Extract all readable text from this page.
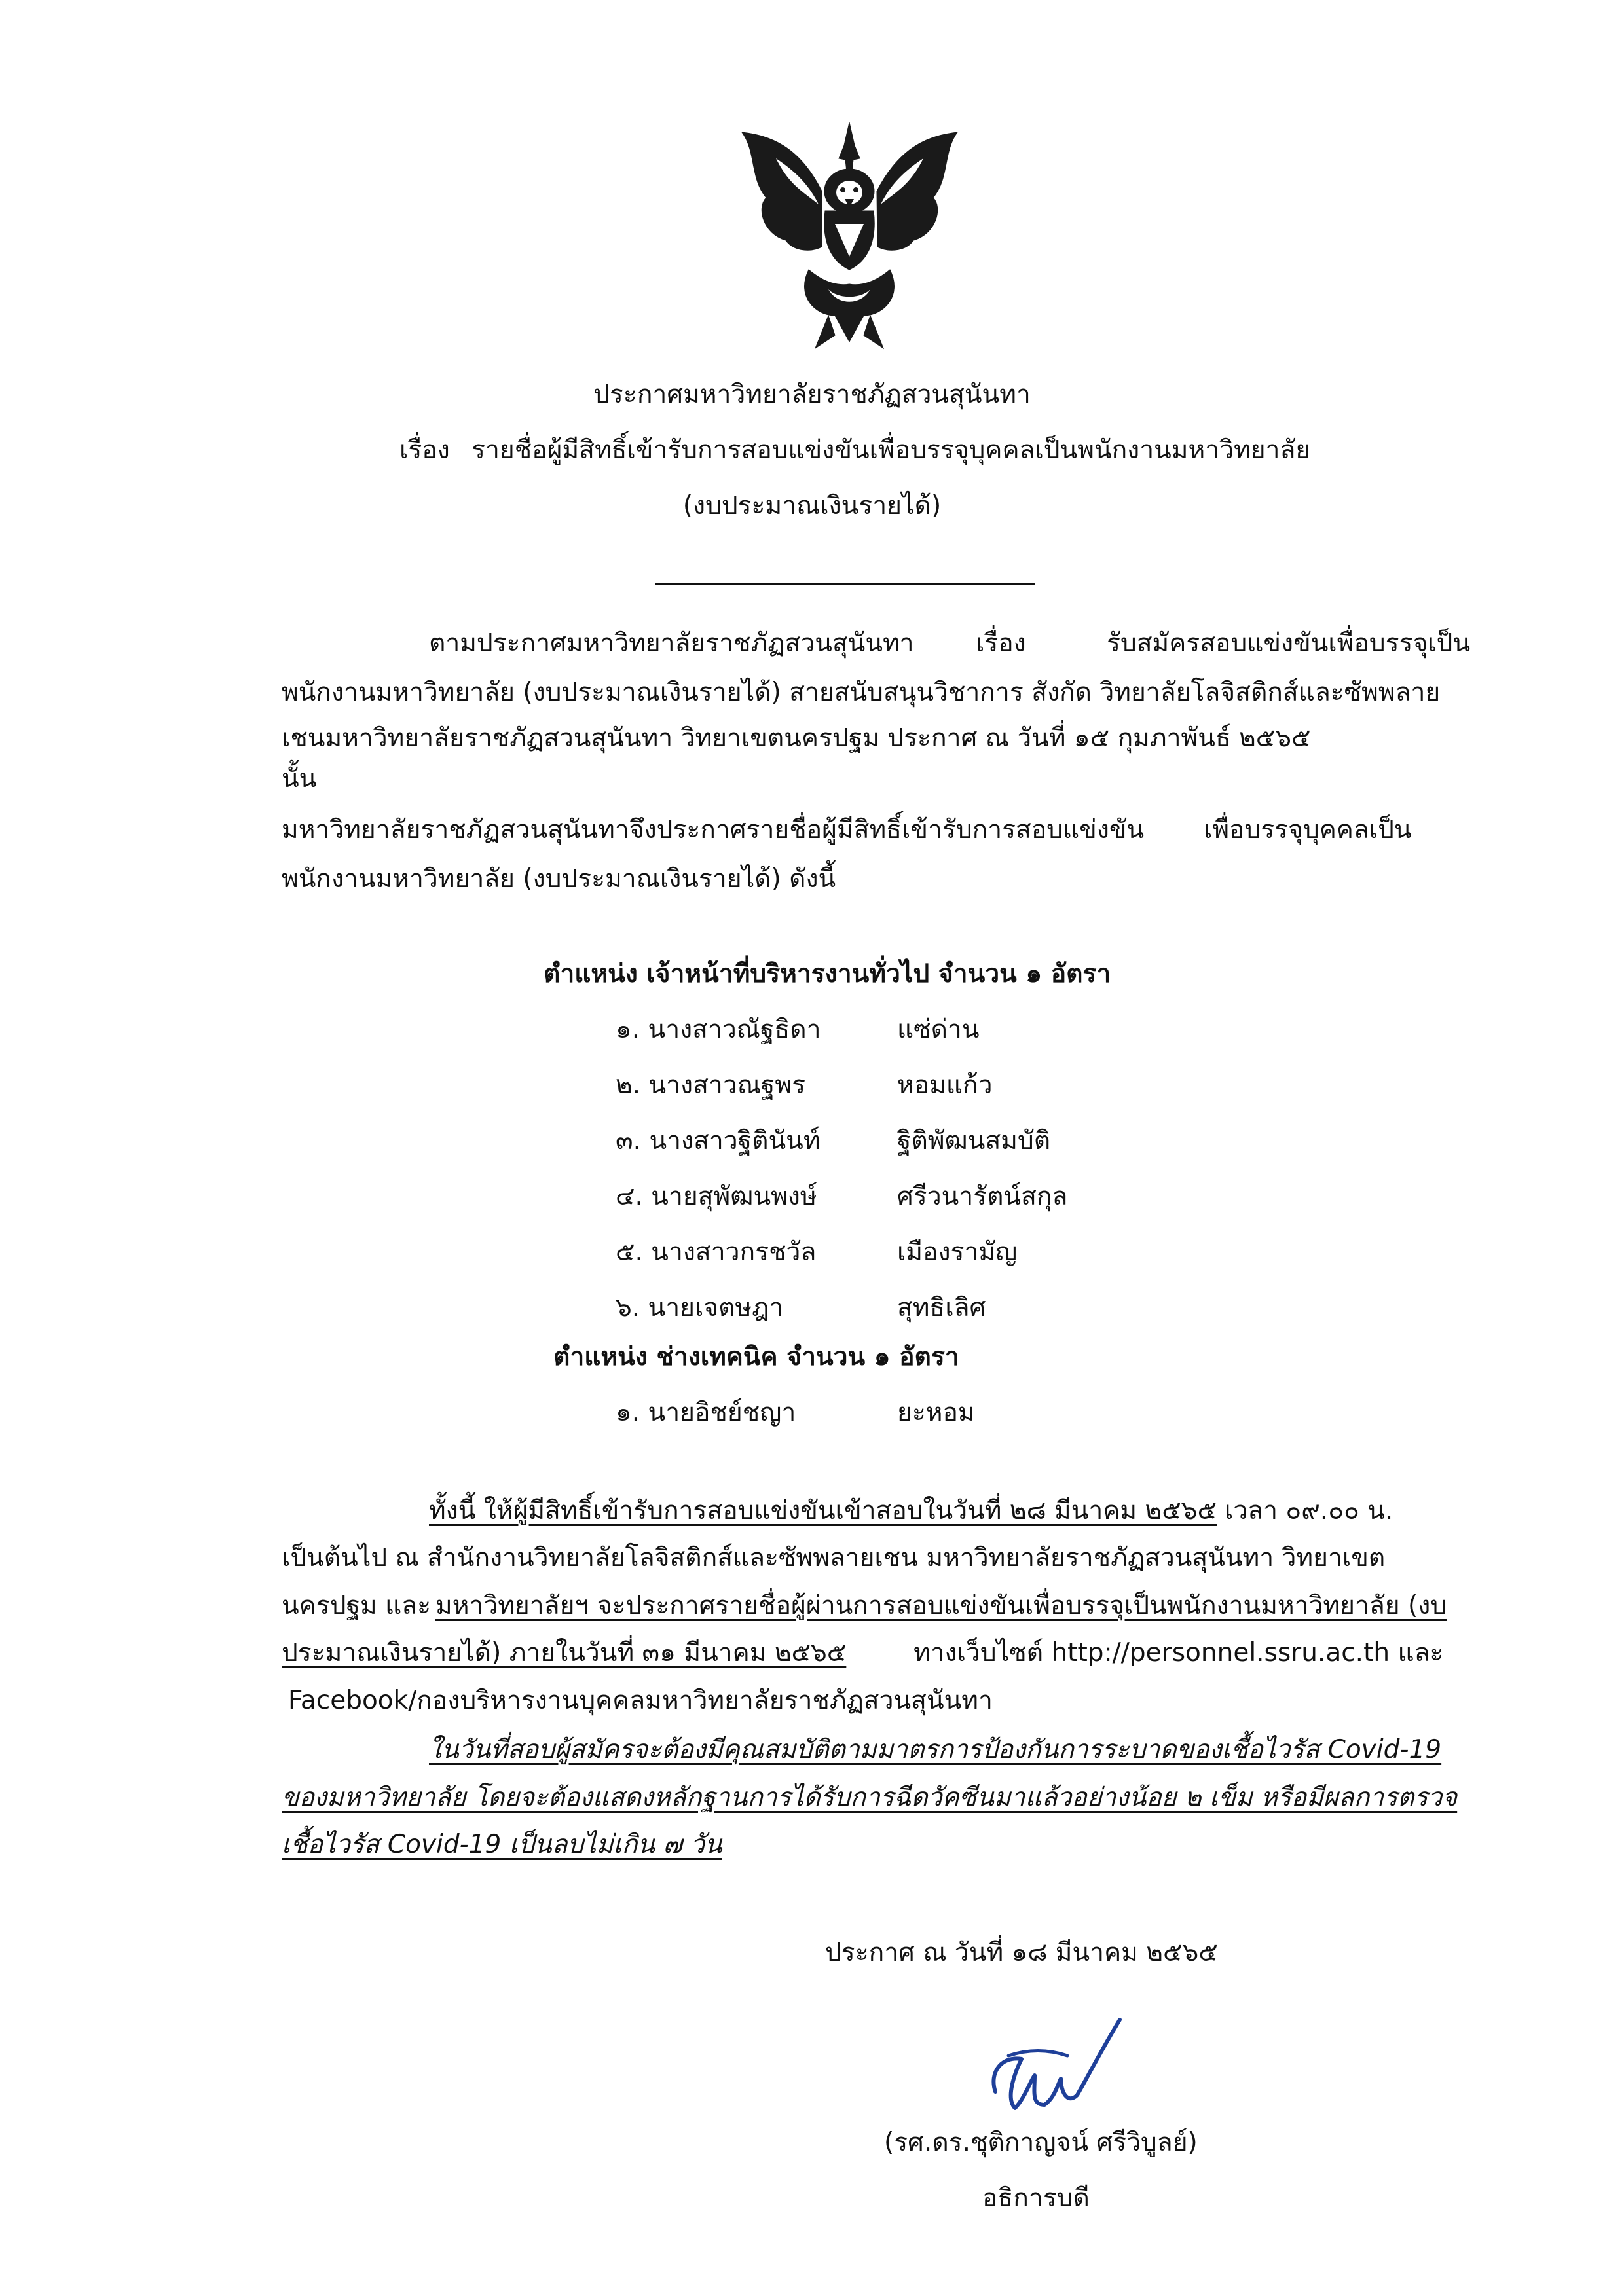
ประกาศมหาวิทยาลัยราชภัฏสวนสุนันทา
เรื่อง รายชื่อผู้มีสิทธิ์เข้ารับการสอบแข่งขันเพื่อบรรจุบุคคลเป็นพนักงานมหาวิทยาลัย
(งบประมาณเงินรายได้)
ตามประกาศมหาวิทยาลัยราชภัฏสวนสุนันทา เรื่อง	รับสมัครสอบแข่งขันเพื่อบรรจุเป็น
พนักงานมหาวิทยาลัย (งบประมาณเงินรายได้) สายสนับสนุนวิชาการ สังกัด วิทยาลัยโลจิสติกส์และซัพพลาย
เชนมหาวิทยาลัยราชภัฏสวนสุนันทา วิทยาเขตนครปฐม ประกาศ ณ วันที่ ๑๕ กุมภาพันธ์ ๒๕๖๕
นั้น
มหาวิทยาลัยราชภัฏสวนสุนันทาจึงประกาศรายชื่อผู้มีสิทธิ์เข้ารับการสอบแข่งขัน เพื่อบรรจุบุคคลเป็น
พนักงานมหาวิทยาลัย (งบประมาณเงินรายได้) ดังนี้
ตำแหน่ง เจ้าหน้าที่บริหารงานทั่วไป จำนวน ๑ อัตรา
๑. นางสาวณัฐธิดา	แซ่ด่าน
๒. นางสาวณฐพร	หอมแก้ว
๓. นางสาวฐิตินันท์	ฐิติพัฒนสมบัติ
๔. นายสุพัฒนพงษ์	ศรีวนารัตน์สกุล
๕. นางสาวกรชวัล	เมืองรามัญ
๖. นายเจตษฎา	สุทธิเลิศ
ตำแหน่ง ช่างเทคนิค จำนวน ๑ อัตรา
๑. นายอิชย์ชญา	ยะหอม
ทั้งนี้ ให้ผู้มีสิทธิ์เข้ารับการสอบแข่งขันเข้าสอบในวันที่ ๒๘ มีนาคม ๒๕๖๕ เวลา ๐๙.๐๐ น.
เป็นต้นไป ณ สำนักงานวิทยาลัยโลจิสติกส์และซัพพลายเชน มหาวิทยาลัยราชภัฏสวนสุนันทา วิทยาเขต
นครปฐม และ มหาวิทยาลัยฯ จะประกาศรายชื่อผู้ผ่านการสอบแข่งขันเพื่อบรรจุเป็นพนักงานมหาวิทยาลัย (งบ
ประมาณเงินรายได้) ภายในวันที่ ๓๑ มีนาคม ๒๕๖๕	ทางเว็บไซต์ http://personnel.ssru.ac.th และ
Facebook/กองบริหารงานบุคคลมหาวิทยาลัยราชภัฏสวนสุนันทา
ในวันที่สอบผู้สมัครจะต้องมีคุณสมบัติตามมาตรการป้องกันการระบาดของเชื้อไวรัส Covid-19
ของมหาวิทยาลัย โดยจะต้องแสดงหลักฐานการได้รับการฉีดวัคซีนมาแล้วอย่างน้อย ๒ เข็ม หรือมีผลการตรวจ
เชื้อไวรัส Covid-19 เป็นลบไม่เกิน ๗ วัน
ประกาศ ณ วันที่ ๑๘ มีนาคม ๒๕๖๕
(รศ.ดร.ชุติกาญจน์ ศรีวิบูลย์)
อธิการบดี
